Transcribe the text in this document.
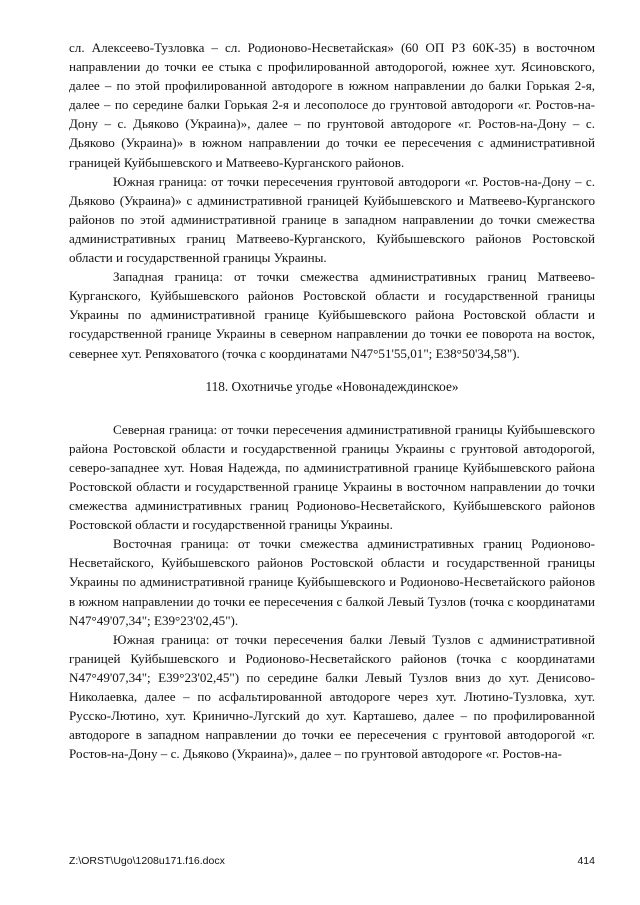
сл. Алексеево-Тузловка – сл. Родионово-Несветайская» (60 ОП РЗ 60К-35) в восточном направлении до точки ее стыка с профилированной автодорогой, южнее хут. Ясиновского, далее – по этой профилированной автодороге в южном направлении до балки Горькая 2-я, далее – по середине балки Горькая 2-я и лесополосе до грунтовой автодороги «г. Ростов-на-Дону – с. Дьяково (Украина)», далее – по грунтовой автодороге «г. Ростов-на-Дону – с. Дьяково (Украина)» в южном направлении до точки ее пересечения с административной границей Куйбышевского и Матвеево-Курганского районов.

Южная граница: от точки пересечения грунтовой автодороги «г. Ростов-на-Дону – с. Дьяково (Украина)» с административной границей Куйбышевского и Матвеево-Курганского районов по этой административной границе в западном направлении до точки смежества административных границ Матвеево-Курганского, Куйбышевского районов Ростовской области и государственной границы Украины.

Западная граница: от точки смежества административных границ Матвеево-Курганского, Куйбышевского районов Ростовской области и государственной границы Украины по административной границе Куйбышевского района Ростовской области и государственной границе Украины в северном направлении до точки ее поворота на восток, севернее хут. Репяховатого (точка с координатами N47°51'55,01"; E38°50'34,58").

118. Охотничье угодье «Новонадеждинское»

Северная граница: от точки пересечения административной границы Куйбышевского района Ростовской области и государственной границы Украины с грунтовой автодорогой, северо-западнее хут. Новая Надежда, по административной границе Куйбышевского района Ростовской области и государственной границе Украины в восточном направлении до точки смежества административных границ Родионово-Несветайского, Куйбышевского районов Ростовской области и государственной границы Украины.

Восточная граница: от точки смежества административных границ Родионово-Несветайского, Куйбышевского районов Ростовской области и государственной границы Украины по административной границе Куйбышевского и Родионово-Несветайского районов в южном направлении до точки ее пересечения с балкой Левый Тузлов (точка с координатами N47°49'07,34"; E39°23'02,45").

Южная граница: от точки пересечения балки Левый Тузлов с административной границей Куйбышевского и Родионово-Несветайского районов (точка с координатами N47°49'07,34"; E39°23'02,45") по середине балки Левый Тузлов вниз до хут. Денисово-Николаевка, далее – по асфальтированной автодороге через хут. Лютино-Тузловка, хут. Русско-Лютино, хут. Кринично-Лугский до хут. Карташево, далее – по профилированной автодороге в западном направлении до точки ее пересечения с грунтовой автодорогой «г. Ростов-на-Дону – с. Дьяково (Украина)», далее – по грунтовой автодороге «г. Ростов-на-

Z:\ORST\Ugo\1208u171.f16.docx	414
